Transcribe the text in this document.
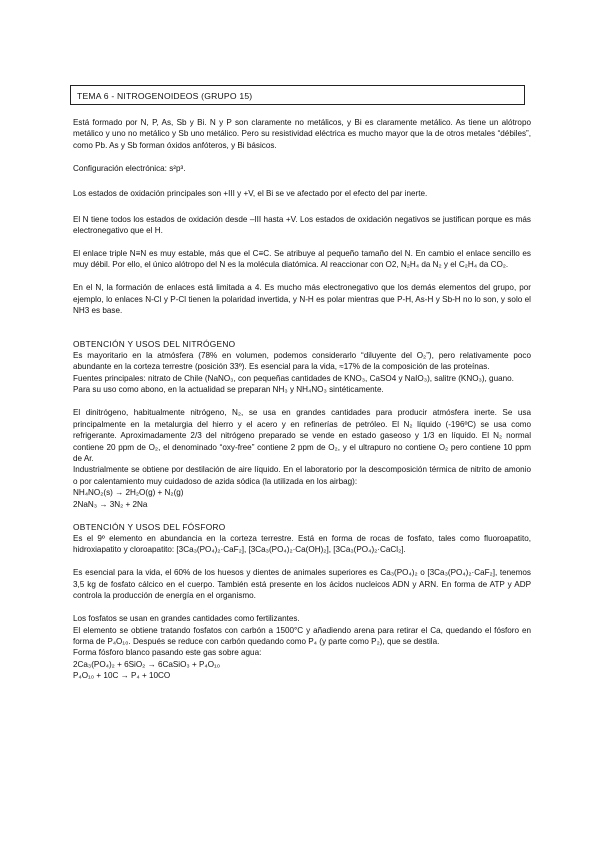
TEMA 6 - NITROGENOIDEOS (GRUPO 15)

Está formado por N, P, As, Sb y Bi. N y P son claramente no metálicos, y Bi es claramente metálico. As tiene un alótropo metálico y uno no metálico y Sb uno metálico. Pero su resistividad eléctrica es mucho mayor que la de otros metales “débiles”, como Pb. As y Sb forman óxidos anfóteros, y Bi básicos.

Configuración electrónica: s²p³.

Los estados de oxidación principales son +III y +V, el Bi se ve afectado por el efecto del par inerte.

El N tiene todos los estados de oxidación desde –III hasta +V. Los estados de oxidación negativos se justifican porque es más electronegativo que el H.

El enlace triple N≡N es muy estable, más que el C≡C. Se atribuye al pequeño tamaño del N. En cambio el enlace sencillo es muy débil. Por ello, el único alótropo del N es la molécula diatómica. Al reaccionar con O2, N₂H₄ da N₂ y el C₂H₄ da CO₂.

En el N, la formación de enlaces está limitada a 4. Es mucho más electronegativo que los demás elementos del grupo, por ejemplo, lo enlaces N-Cl y P-Cl tienen la polaridad invertida, y N-H es polar mientras que P-H, As-H y Sb-H no lo son, y solo el NH3 es base.

OBTENCIÓN Y USOS DEL NITRÓGENO

Es mayoritario en la atmósfera (78% en volumen, podemos considerarlo “diluyente del O₂”), pero relativamente poco abundante en la corteza terrestre (posición 33º). Es esencial para la vida, ≈17% de la composición de las proteínas.

Fuentes principales: nitrato de Chile (NaNO₃, con pequeñas cantidades de KNO₃, CaSO4 y NaIO₃), salitre (KNO₃), guano.

Para su uso como abono, en la actualidad se preparan NH₃ y NH₄NO₃ sintéticamente.

El dinitrógeno, habitualmente nitrógeno, N₂, se usa en grandes cantidades para producir atmósfera inerte. Se usa principalmente en la metalurgia del hierro y el acero y en refinerías de petróleo. El N₂ líquido (-196ºC) se usa como refrigerante. Aproximadamente 2/3 del nitrógeno preparado se vende en estado gaseoso y 1/3 en líquido. El N₂ normal contiene 20 ppm de O₂, el denominado “oxy-free” contiene 2 ppm de O₂, y el ultrapuro no contiene O₂ pero contiene 10 ppm de Ar.

Industrialmente se obtiene por destilación de aire líquido. En el laboratorio por la descomposición térmica de nitrito de amonio o por calentamiento muy cuidadoso de azida sódica (la utilizada en los airbag):

NH₄NO₂(s) → 2H₂O(g) + N₂(g)

2NaN₃ → 3N₂ + 2Na

OBTENCIÓN Y USOS DEL FÓSFORO

Es el 9º elemento en abundancia en la corteza terrestre. Está en forma de rocas de fosfato, tales como fluoroapatito, hidroxiapatito y cloroapatito: [3Ca₃(PO₄)₂·CaF₂], [3Ca₃(PO₄)₂·Ca(OH)₂], [3Ca₃(PO₄)₂·CaCl₂].

Es esencial para la vida, el 60% de los huesos y dientes de animales superiores es Ca₃(PO₄)₂ o [3Ca₃(PO₄)₂·CaF₂], tenemos 3,5 kg de fosfato cálcico en el cuerpo. También está presente en los ácidos nucleicos ADN y ARN. En forma de ATP y ADP controla la producción de energía en el organismo.

Los fosfatos se usan en grandes cantidades como fertilizantes.

El elemento se obtiene tratando fosfatos con carbón a 1500°C y añadiendo arena para retirar el Ca, quedando el fósforo en forma de P₄O₁₀. Después se reduce con carbón quedando como P₄ (y parte como P₂), que se destila.

Forma fósforo blanco pasando este gas sobre agua:

2Ca₃(PO₄)₂ + 6SiO₂ → 6CaSiO₃ + P₄O₁₀
P₄O₁₀ + 10C → P₄ + 10CO
